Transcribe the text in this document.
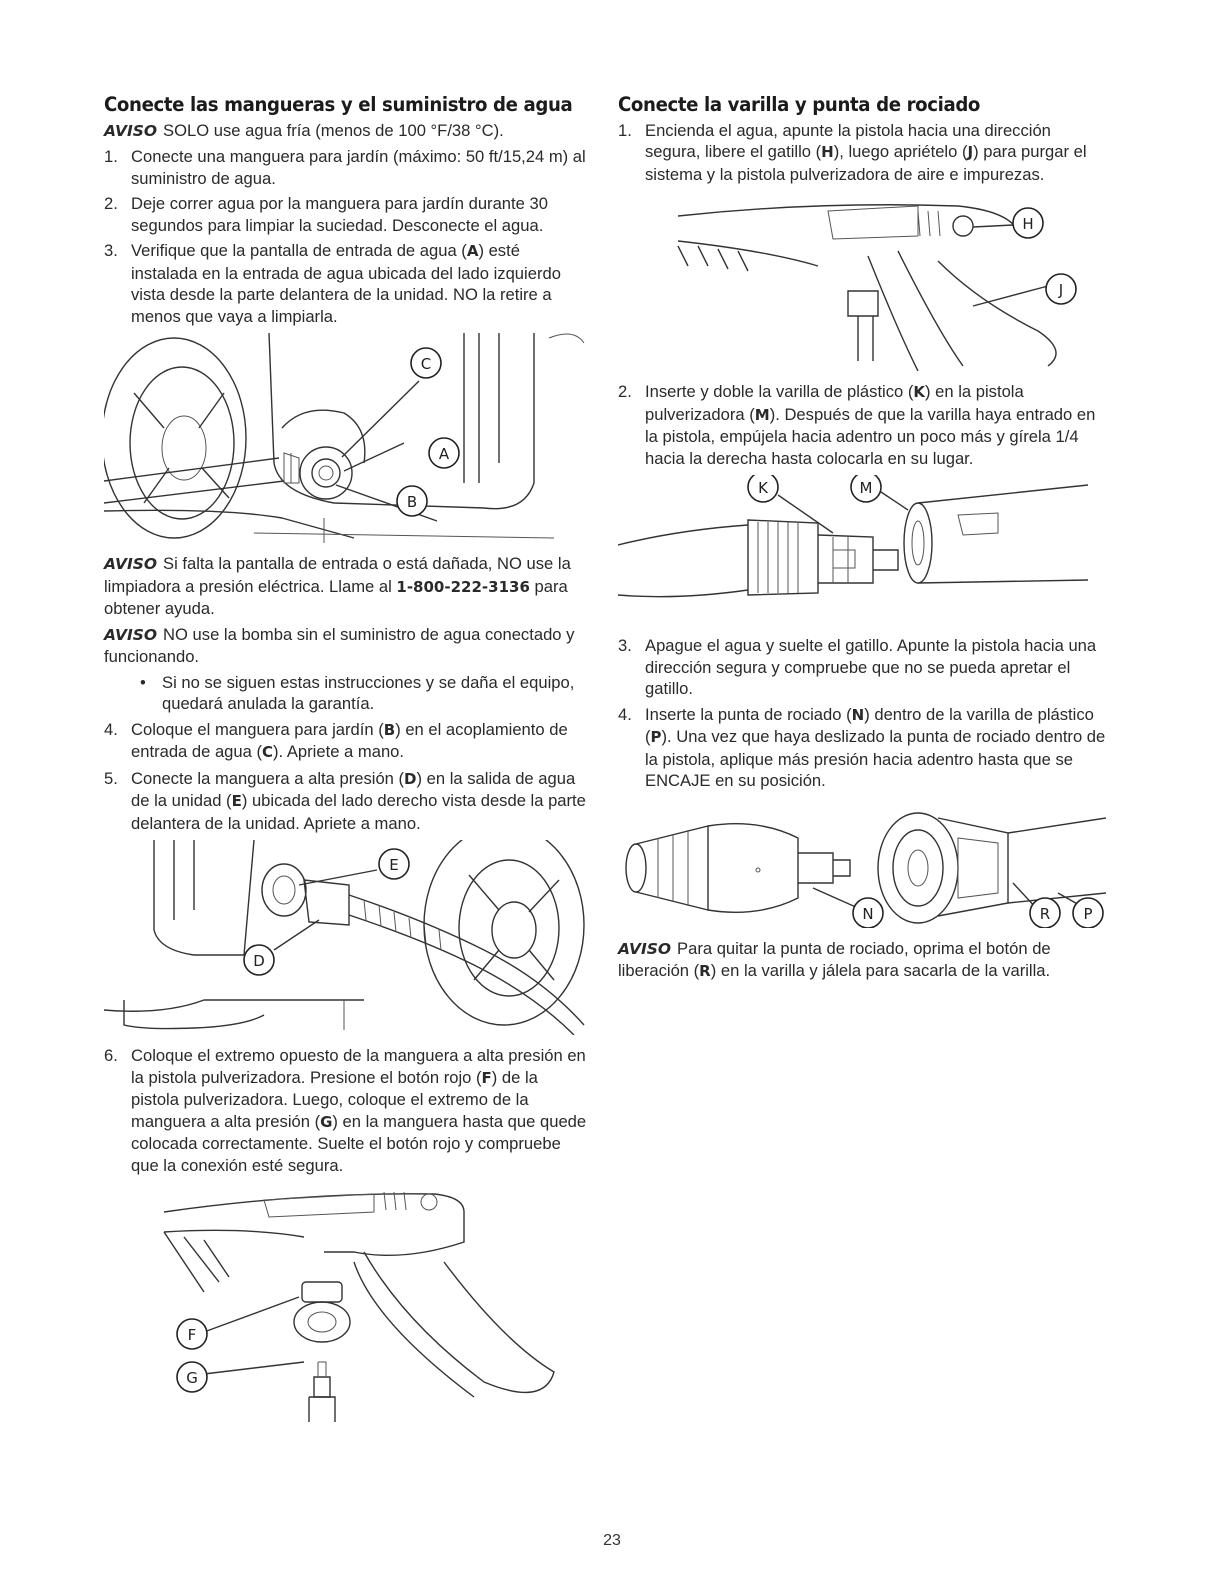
Conecte las mangueras y el suministro de agua

AVISO SOLO use agua fría (menos de 100 °F/38 °C).

1. Conecte una manguera para jardín (máximo: 50 ft/15,24 m) al suministro de agua.
2. Deje correr agua por la manguera para jardín durante 30 segundos para limpiar la suciedad. Desconecte el agua.
3. Verifique que la pantalla de entrada de agua (A) esté instalada en la entrada de agua ubicada del lado izquierdo vista desde la parte delantera de la unidad. NO la retire a menos que vaya a limpiarla.
C
A
B

AVISO Si falta la pantalla de entrada o está dañada, NO use la limpiadora a presión eléctrica. Llame al 1-800-222-3136 para obtener ayuda.

AVISO NO use la bomba sin el suministro de agua conectado y funcionando.

• Si no se siguen estas instrucciones y se daña el equipo, quedará anulada la garantía.
4. Coloque el manguera para jardín (B) en el acoplamiento de entrada de agua (C). Apriete a mano.
5. Conecte la manguera a alta presión (D) en la salida de agua de la unidad (E) ubicada del lado derecho vista desde la parte delantera de la unidad. Apriete a mano.
E
D
6. Coloque el extremo opuesto de la manguera a alta presión en la pistola pulverizadora. Presione el botón rojo (F) de la pistola pulverizadora. Luego, coloque el extremo de la manguera a alta presión (G) en la manguera hasta que quede colocada correctamente. Suelte el botón rojo y compruebe que la conexión esté segura.
F
G
Conecte la varilla y punta de rociado
1. Encienda el agua, apunte la pistola hacia una dirección segura, libere el gatillo (H), luego apriételo (J) para purgar el sistema y la pistola pulverizadora de aire e impurezas.
H
J
2. Inserte y doble la varilla de plástico (K) en la pistola pulverizadora (M). Después de que la varilla haya entrado en la pistola, empújela hacia adentro un poco más y gírela 1/4 hacia la derecha hasta colocarla en su lugar.
K	M
3. Apague el agua y suelte el gatillo. Apunte la pistola hacia una dirección segura y compruebe que no se pueda apretar el gatillo.
4. Inserte la punta de rociado (N) dentro de la varilla de plástico (P). Una vez que haya deslizado la punta de rociado dentro de la pistola, aplique más presión hacia adentro hasta que se ENCAJE en su posición.
N	R P

AVISO Para quitar la punta de rociado, oprima el botón de liberación (R) en la varilla y jálela para sacarla de la varilla.

23
